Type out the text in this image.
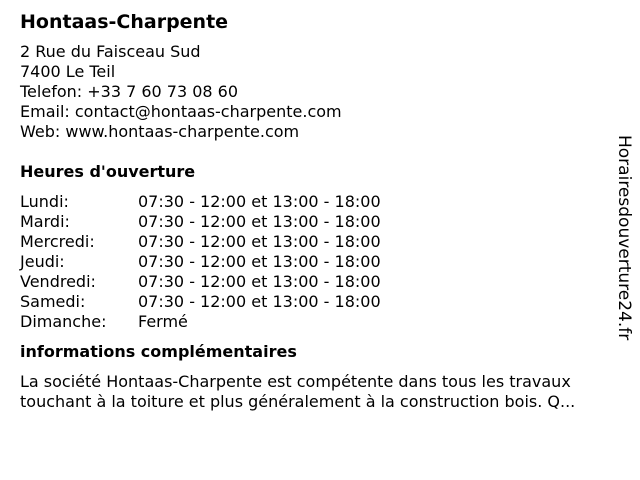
Hontaas-Charpente
2 Rue du Faisceau Sud
7400 Le Teil
Telefon: +33 7 60 73 08 60
Email: contact@hontaas-charpente.com
Web: www.hontaas-charpente.com
Heures d'ouverture
Lundi:	07:30 - 12:00 et 13:00 - 18:00
Mardi:	07:30 - 12:00 et 13:00 - 18:00
Mercredi:	07:30 - 12:00 et 13:00 - 18:00
Jeudi:	07:30 - 12:00 et 13:00 - 18:00
Vendredi:	07:30 - 12:00 et 13:00 - 18:00
Samedi:	07:30 - 12:00 et 13:00 - 18:00
Dimanche: Fermé
informations complémentaires
La société Hontaas-Charpente est compétente dans tous les travaux touchant à la toiture et plus généralement à la construction bois. Q...
Horairesdouverture24.fr
